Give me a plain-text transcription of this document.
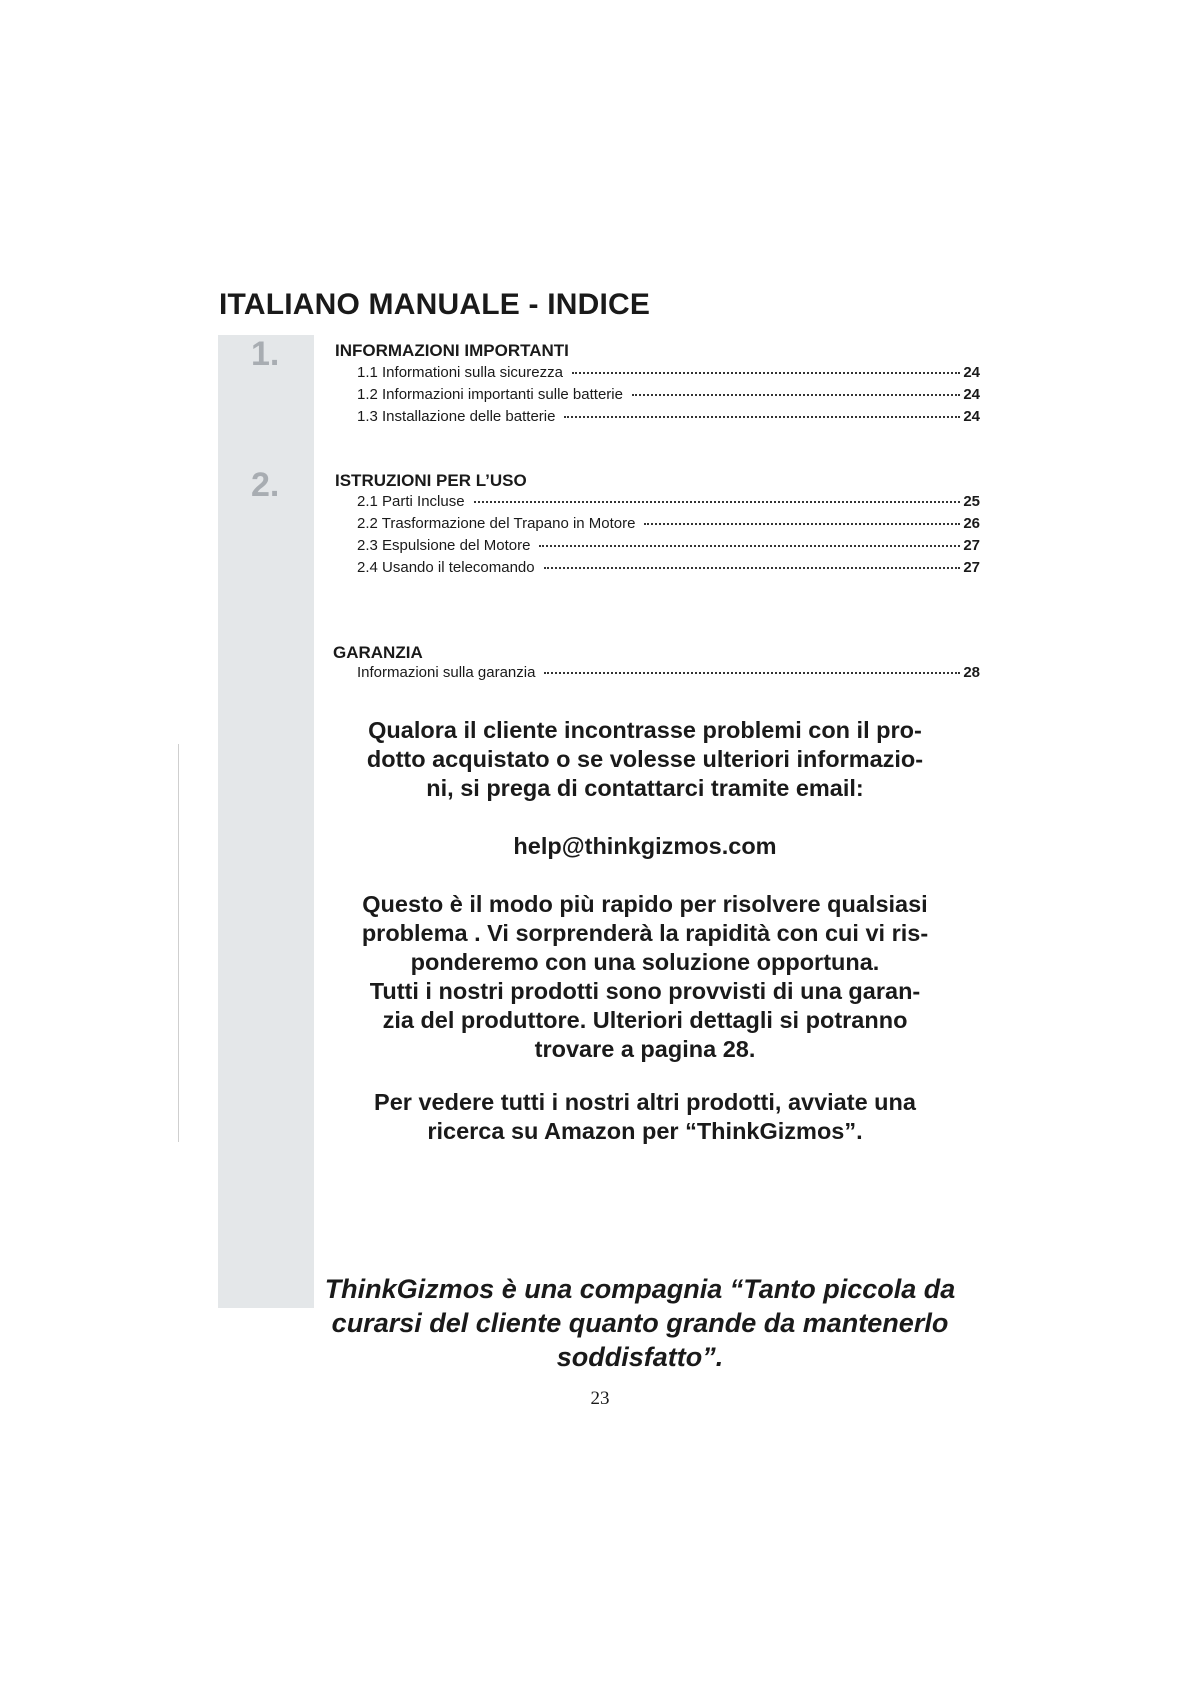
ITALIANO MANUALE - INDICE

1.	INFORMAZIONI IMPORTANTI

1.1 Informationi sulla sicurezza	24
1.2 Informazioni importanti sulle batterie	24
1.3 Installazione delle batterie	24

2.	ISTRUZIONI PER L’USO

2.1 Parti Incluse	25
2.2 Trasformazione del Trapano in Motore	26
2.3 Espulsione del Motore	27
2.4 Usando il telecomando	27

GARANZIA

Informazioni sulla garanzia	28

Qualora il cliente incontrasse problemi con il pro-
dotto acquistato o se volesse ulteriori informazio-
ni, si prega di contattarci tramite email:

help@thinkgizmos.com

Questo è il modo più rapido per risolvere qualsiasi
problema . Vi sorprenderà la rapidità con cui vi ris-
ponderemo con una soluzione opportuna.
Tutti i nostri prodotti sono provvisti di una garan-
zia del produttore. Ulteriori dettagli si potranno
trovare a pagina 28.

Per vedere tutti i nostri altri prodotti, avviate una
ricerca su Amazon per “ThinkGizmos”.

ThinkGizmos è una compagnia “Tanto piccola da
curarsi del cliente quanto grande da mantenerlo
soddisfatto”.

23
